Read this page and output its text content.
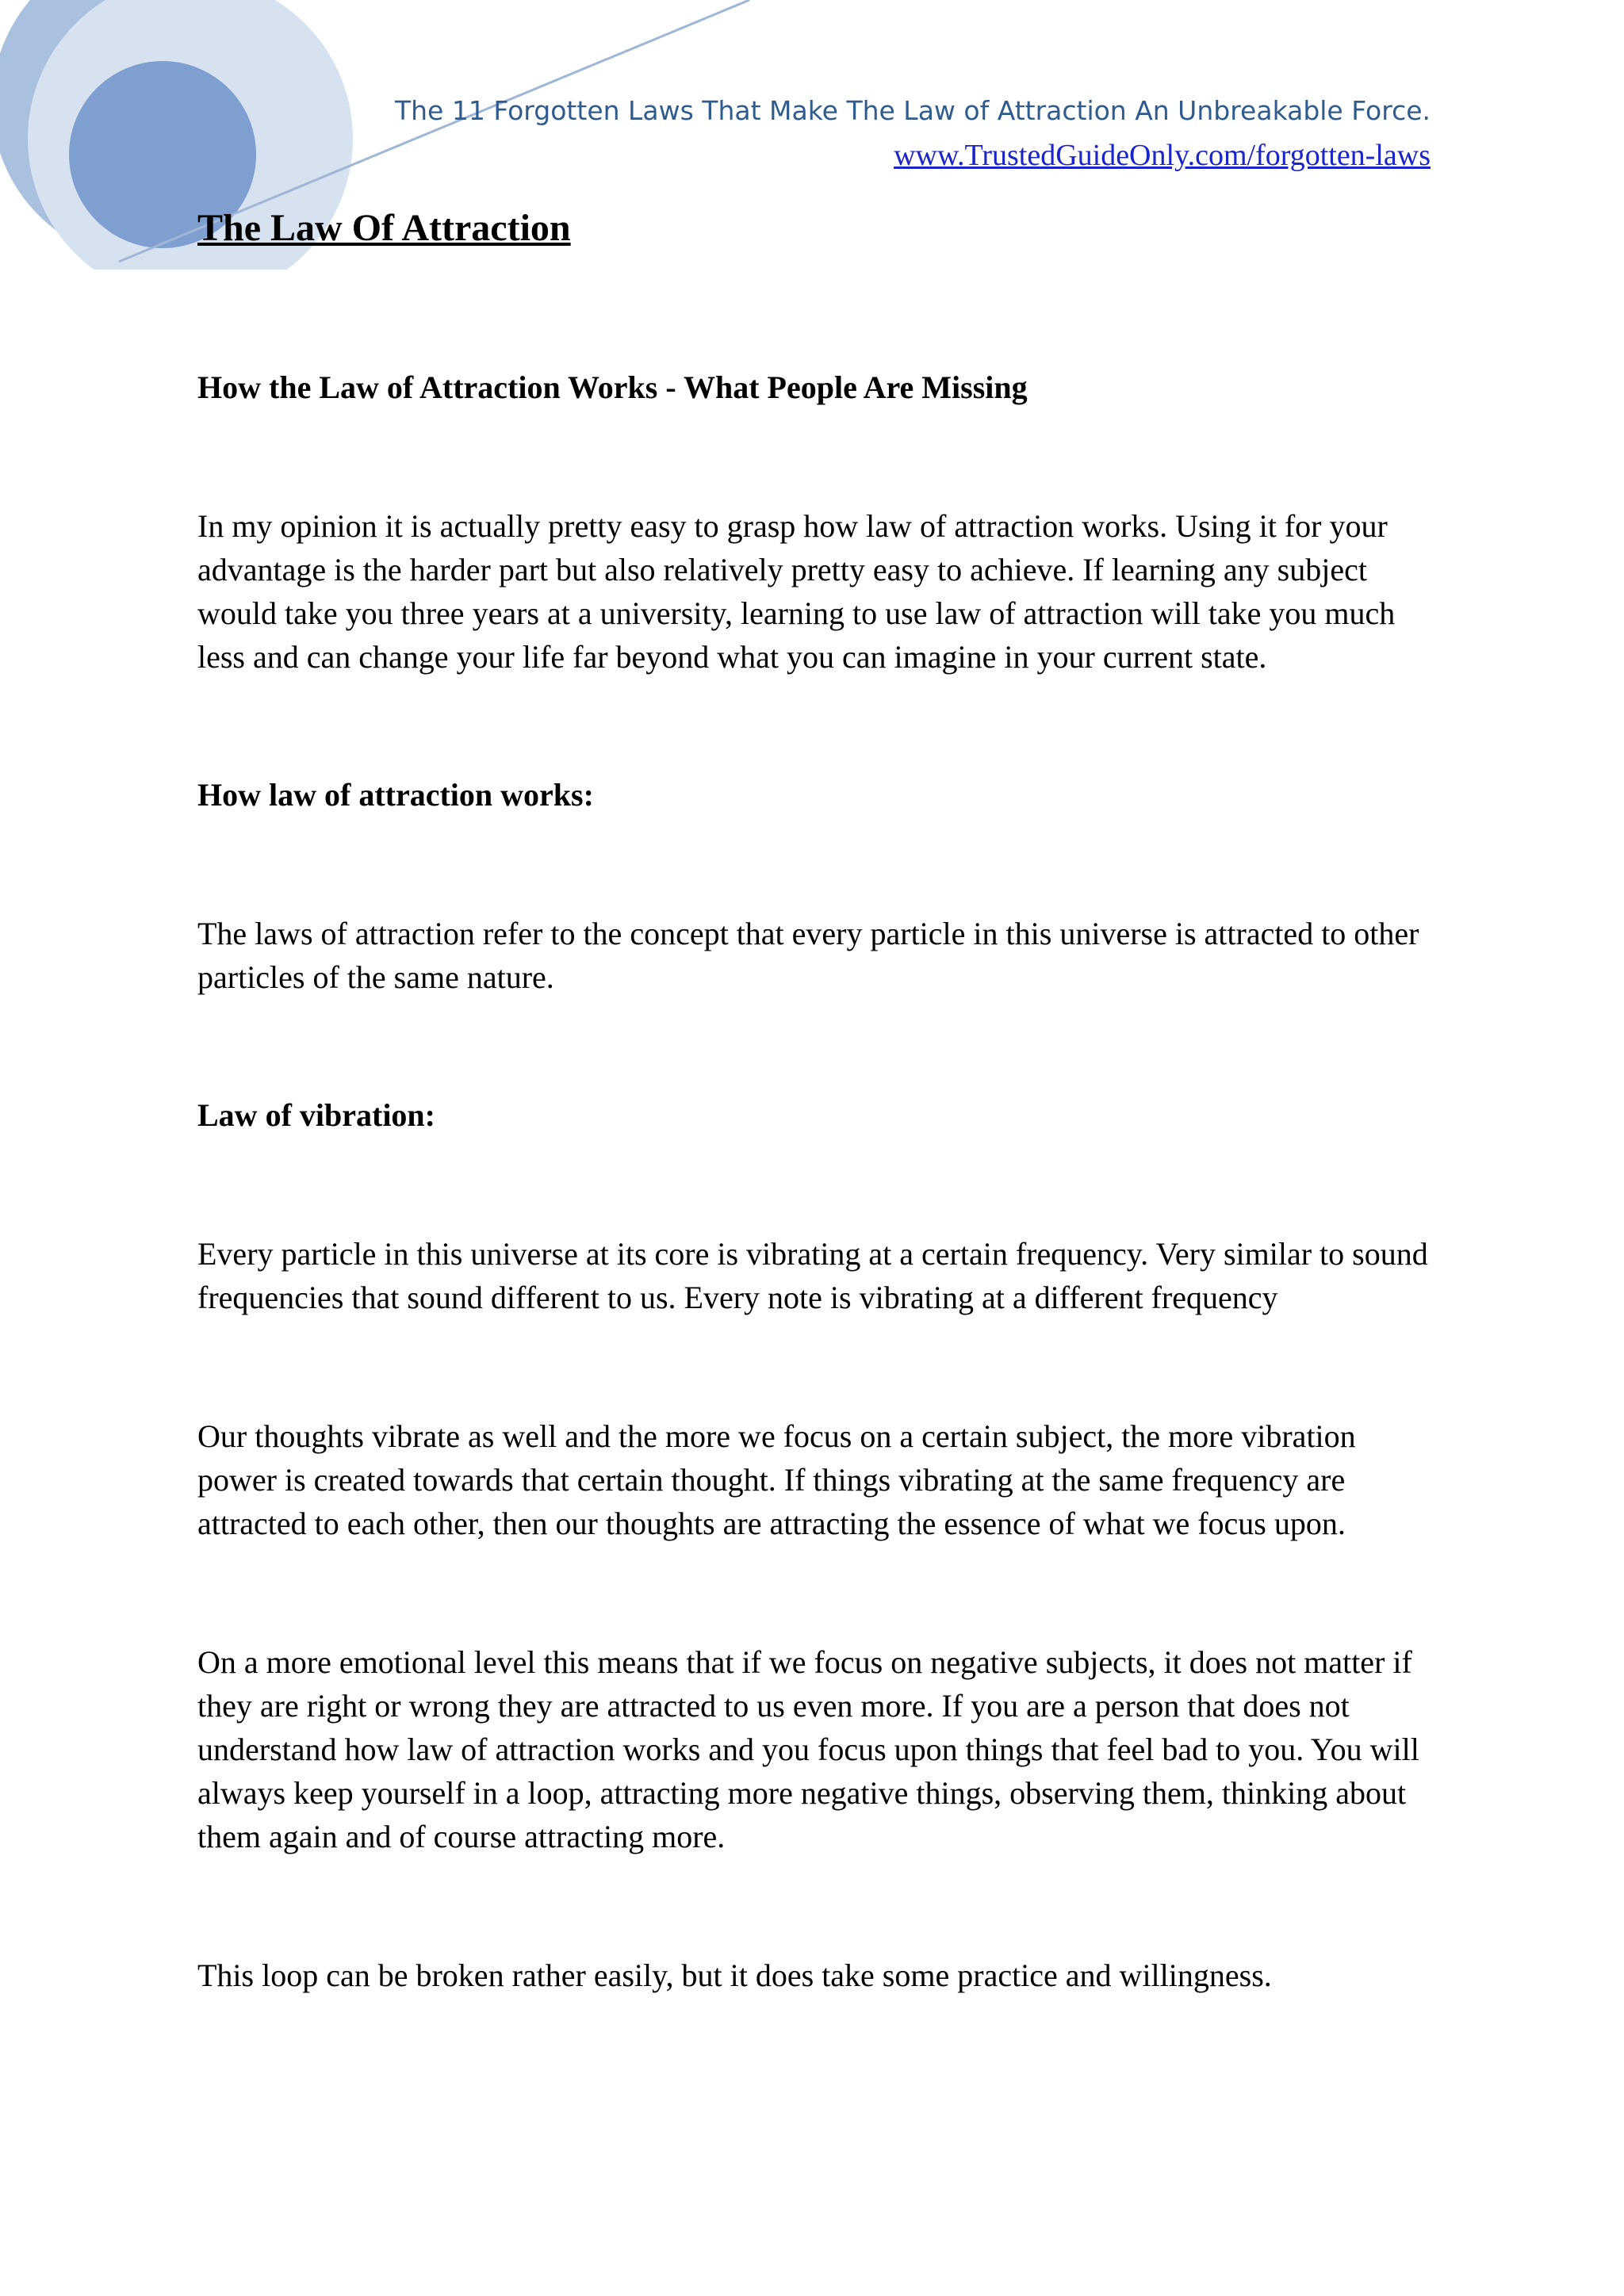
The 11 Forgotten Laws That Make The Law of Attraction An Unbreakable Force.
www.TrustedGuideOnly.com/forgotten-laws
The Law Of Attraction
How the Law of Attraction Works - What People Are Missing

In my opinion it is actually pretty easy to grasp how law of attraction works. Using it for your advantage is the harder part but also relatively pretty easy to achieve. If learning any subject would take you three years at a university, learning to use law of attraction will take you much less and can change your life far beyond what you can imagine in your current state.

How law of attraction works:

The laws of attraction refer to the concept that every particle in this universe is attracted to other particles of the same nature.

Law of vibration:

Every particle in this universe at its core is vibrating at a certain frequency. Very similar to sound frequencies that sound different to us. Every note is vibrating at a different frequency

Our thoughts vibrate as well and the more we focus on a certain subject, the more vibration power is created towards that certain thought. If things vibrating at the same frequency are attracted to each other, then our thoughts are attracting the essence of what we focus upon.

On a more emotional level this means that if we focus on negative subjects, it does not matter if they are right or wrong they are attracted to us even more. If you are a person that does not understand how law of attraction works and you focus upon things that feel bad to you. You will always keep yourself in a loop, attracting more negative things, observing them, thinking about them again and of course attracting more.

This loop can be broken rather easily, but it does take some practice and willingness.
